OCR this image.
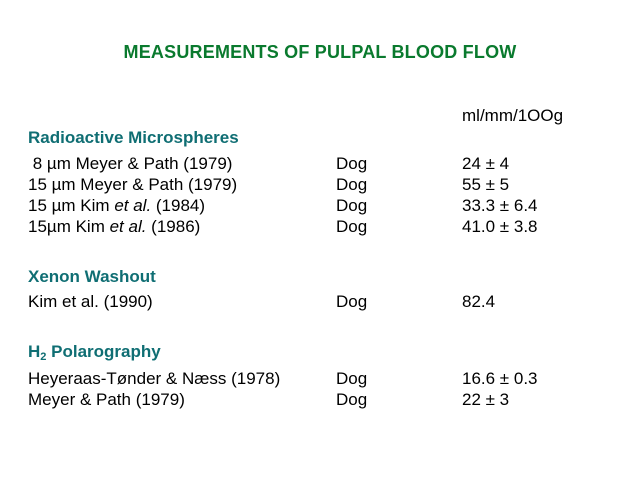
MEASUREMENTS OF PULPAL BLOOD FLOW
ml/mm/1OOg
Radioactive Microspheres
8 µm Meyer & Path (1979)	Dog	24 ± 4
15 µm Meyer & Path (1979)	Dog	55 ± 5
15 µm Kim et al. (1984)	Dog	33.3 ± 6.4
15µm Kim et al. (1986)	Dog	41.0 ± 3.8
Xenon Washout
Kim et al. (1990)	Dog	82.4
$H_2$ Polarography
Heyeraas-Tønder & Næss (1978)	Dog	16.6 ± 0.3
Meyer & Path (1979)	Dog	22 ± 3
